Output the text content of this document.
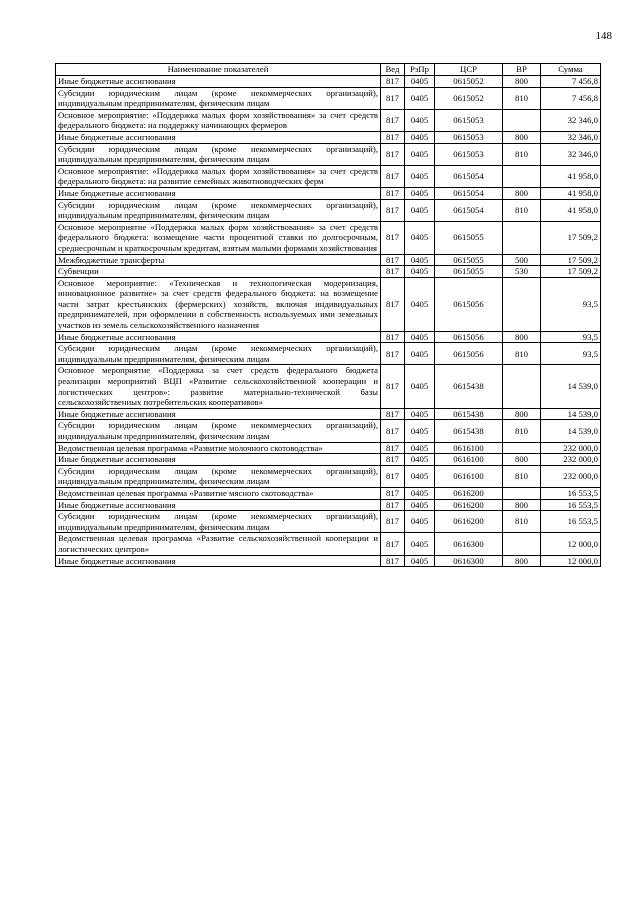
148
Наименование показателей	Вед	РзПр	ЦСР	ВР	Сумма
Иные бюджетные ассигнования	817	0405	0615052	800	7 456,8
Субсидии юридическим лицам (кроме некоммерческих организаций), индивидуальным предпринимателям, физическим лицам	817	0405	0615052	810	7 456,8
Основное мероприятие: «Поддержка малых форм хозяйствования» за счет средств федерального бюджета: на поддержку начинающих фермеров	817	0405	0615053		32 346,0
Иные бюджетные ассигнования	817	0405	0615053	800	32 346,0
Субсидии юридическим лицам (кроме некоммерческих организаций), индивидуальным предпринимателям, физическим лицам	817	0405	0615053	810	32 346,0
Основное мероприятие: «Поддержка малых форм хозяйствования» за счет средств федерального бюджета: на развитие семейных животноводческих ферм	817	0405	0615054		41 958,0
Иные бюджетные ассигнования	817	0405	0615054	800	41 958,0
Субсидии юридическим лицам (кроме некоммерческих организаций), индивидуальным предпринимателям, физическим лицам	817	0405	0615054	810	41 958,0
Основное мероприятие «Поддержка малых форм хозяйствования» за счет средств федерального бюджета: возмещение части процентной ставки по долгосрочным, среднесрочным и краткосрочным кредитам, взятым малыми формами хозяйствования	817	0405	0615055		17 509,2
Межбюджетные трансферты	817	0405	0615055	500	17 509,2
Субвенции	817	0405	0615055	530	17 509,2
Основное мероприятие: «Техническая и технологическая модернизация, инновационное развитие» за счет средств федерального бюджета: на возмещение части затрат крестьянских (фермерских) хозяйств, включая индивидуальных предпринимателей, при оформлении в собственность используемых ими земельных участков из земель сельскохозяйственного назначения	817	0405	0615056		93,5
Иные бюджетные ассигнования	817	0405	0615056	800	93,5
Субсидии юридическим лицам (кроме некоммерческих организаций), индивидуальным предпринимателям, физическим лицам	817	0405	0615056	810	93,5
Основное мероприятие «Поддержка за счет средств федерального бюджета реализации мероприятий ВЦП «Развитие сельскохозяйственной кооперации и логистических центров»: развитие материально-технической базы сельскохозяйственных потребительских кооперативов»	817	0405	0615438		14 539,0
Иные бюджетные ассигнования	817	0405	0615438	800	14 539,0
Субсидии юридическим лицам (кроме некоммерческих организаций), индивидуальным предпринимателям, физическим лицам	817	0405	0615438	810	14 539,0
Ведомственная целевая программа «Развитие молочного скотоводства»	817	0405	0616100		232 000,0
Иные бюджетные ассигнования	817	0405	0616100	800	232 000,0
Субсидии юридическим лицам (кроме некоммерческих организаций), индивидуальным предпринимателям, физическим лицам	817	0405	0616100	810	232 000,0
Ведомственная целевая программа «Развитие мясного скотоводства»	817	0405	0616200		16 553,5
Иные бюджетные ассигнования	817	0405	0616200	800	16 553,5
Субсидии юридическим лицам (кроме некоммерческих организаций), индивидуальным предпринимателям, физическим лицам	817	0405	0616200	810	16 553,5
Ведомственная целевая программа «Развитие сельскохозяйственной кооперации и логистических центров»	817	0405	0616300		12 000,0
Иные бюджетные ассигнования	817	0405	0616300	800	12 000,0
